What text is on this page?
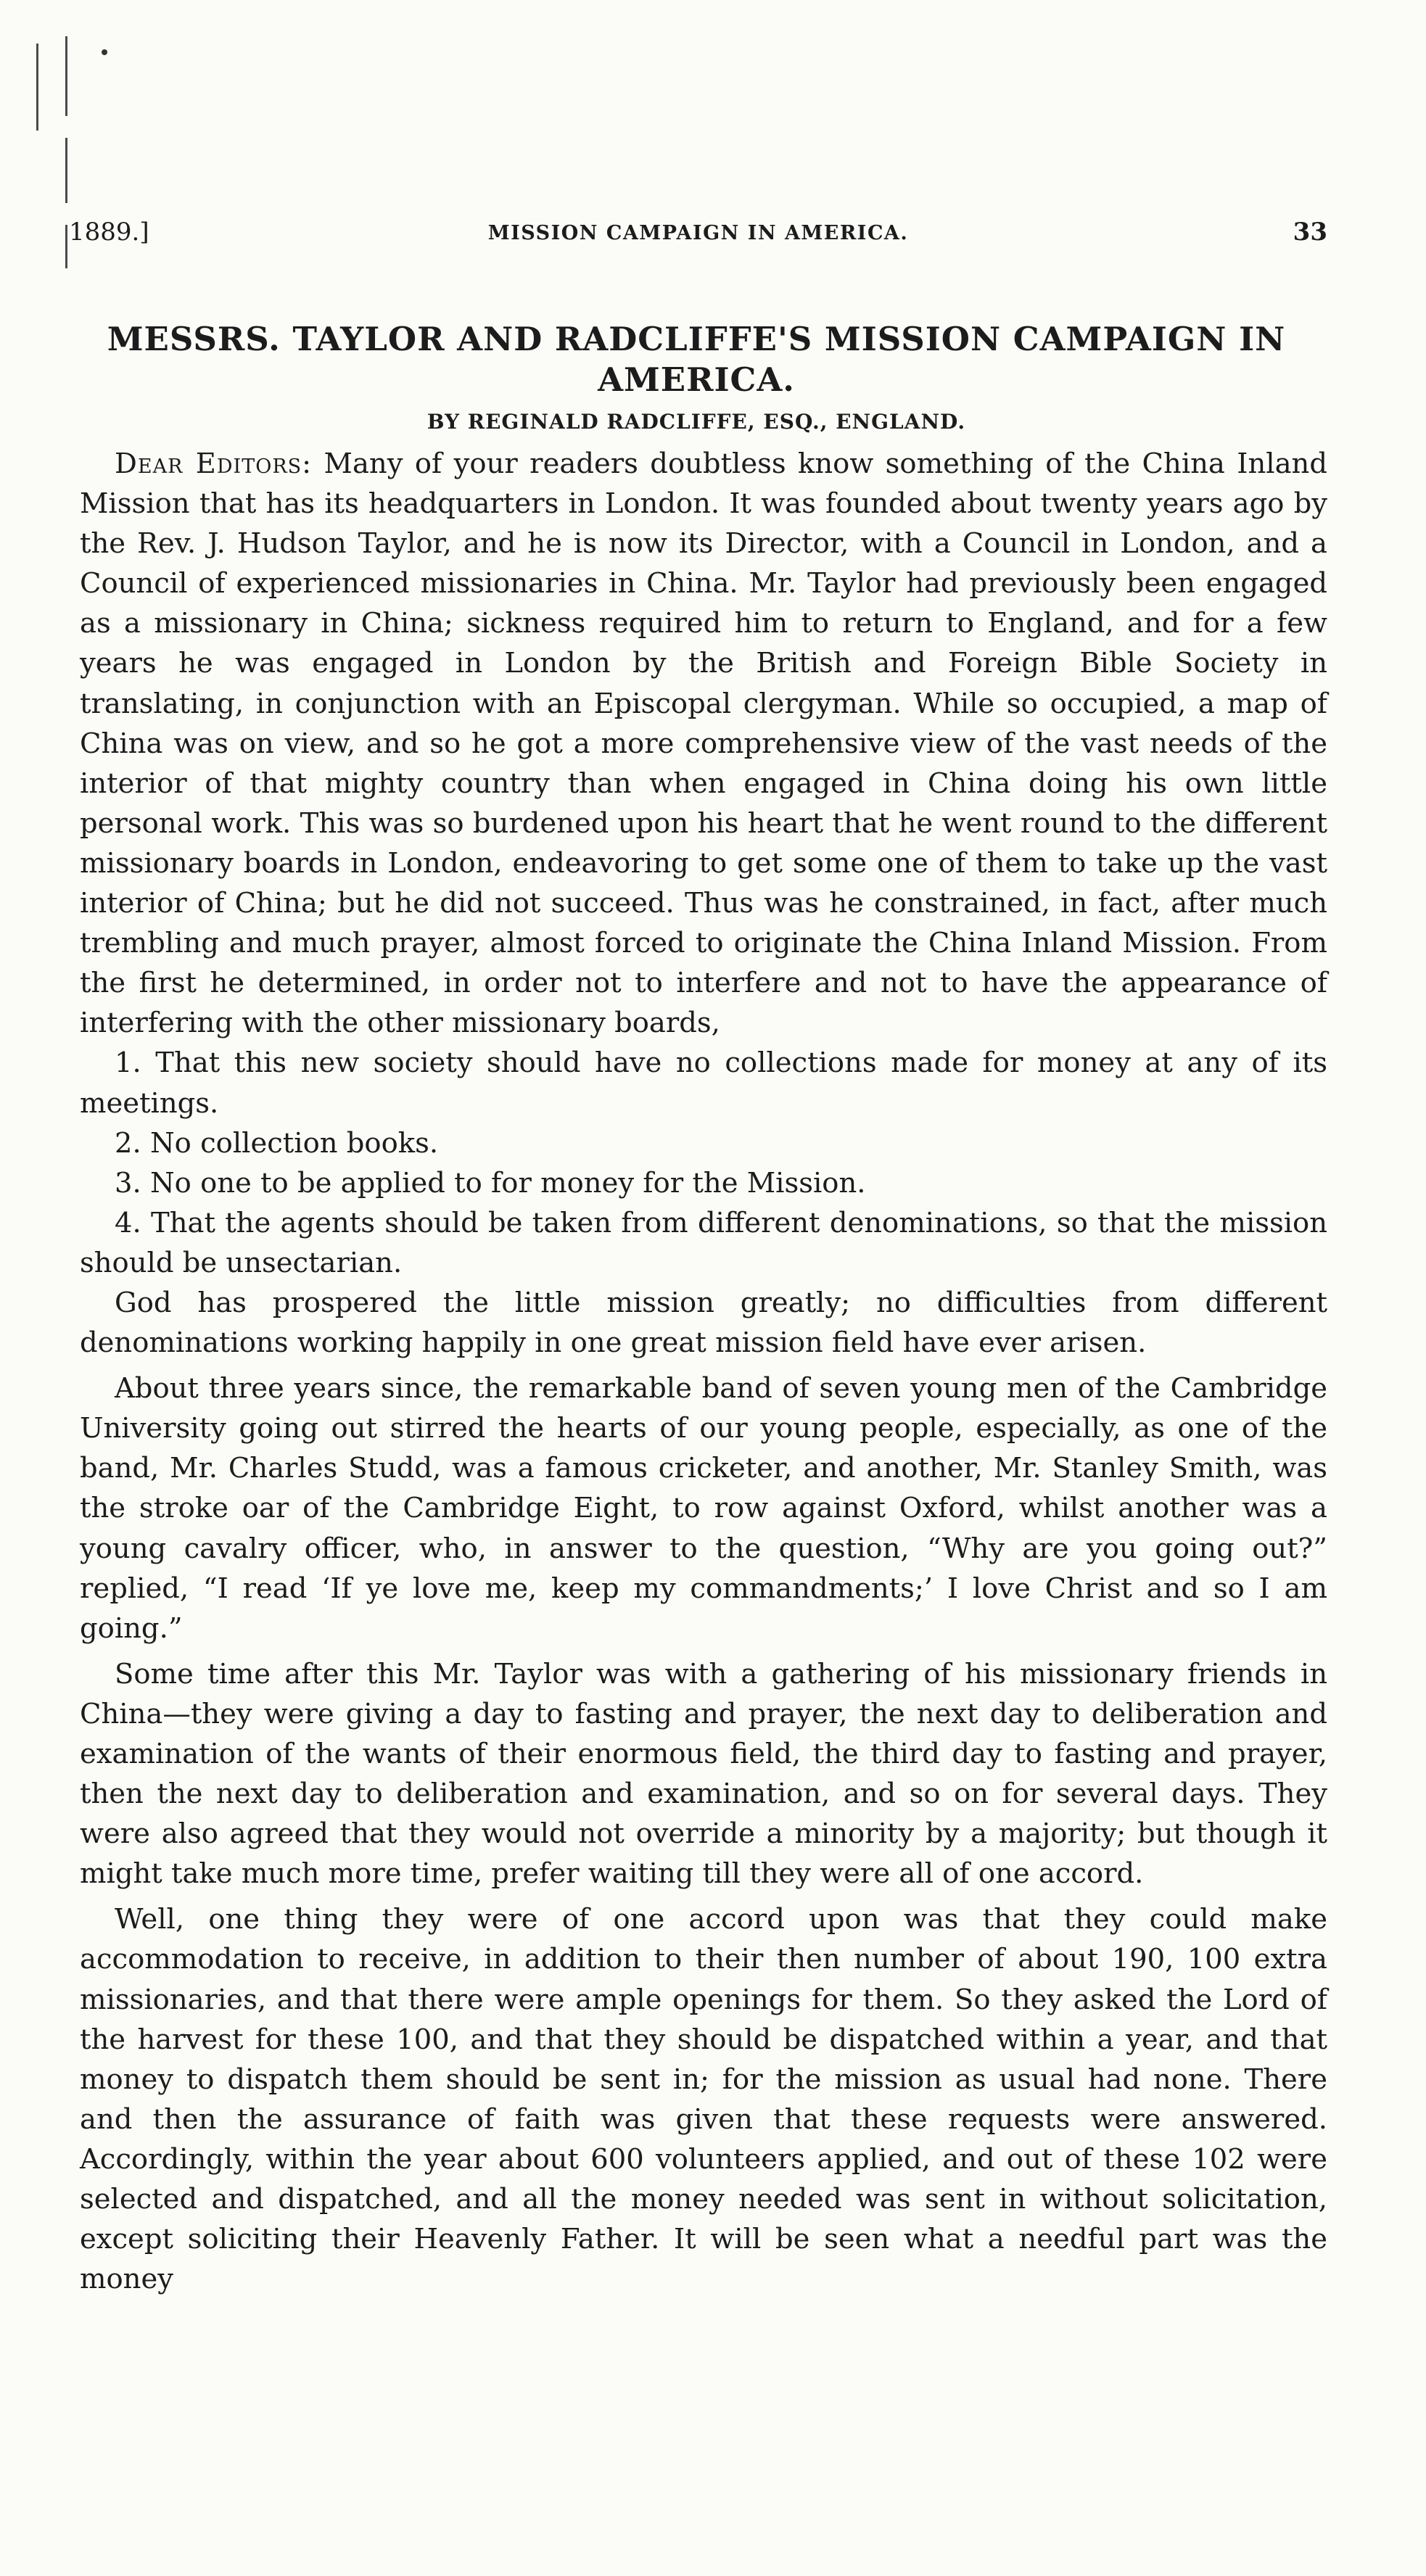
1889.]	MISSION CAMPAIGN IN AMERICA.	33
MESSRS. TAYLOR AND RADCLIFFE'S MISSION CAMPAIGN IN AMERICA.
BY REGINALD RADCLIFFE, ESQ., ENGLAND.

Dear Editors: Many of your readers doubtless know something of the China Inland Mission that has its headquarters in London. It was founded about twenty years ago by the Rev. J. Hudson Taylor, and he is now its Director, with a Council in London, and a Council of experienced missionaries in China. Mr. Taylor had previously been engaged as a missionary in China; sickness required him to return to England, and for a few years he was engaged in London by the British and Foreign Bible Society in translating, in conjunction with an Episcopal clergyman. While so occupied, a map of China was on view, and so he got a more comprehensive view of the vast needs of the interior of that mighty country than when engaged in China doing his own little personal work. This was so burdened upon his heart that he went round to the different missionary boards in London, endeavoring to get some one of them to take up the vast interior of China; but he did not succeed. Thus was he constrained, in fact, after much trembling and much prayer, almost forced to originate the China Inland Mission. From the first he determined, in order not to interfere and not to have the appearance of interfering with the other missionary boards,

1. That this new society should have no collections made for money at any of its meetings.

2. No collection books.

3. No one to be applied to for money for the Mission.

4. That the agents should be taken from different denominations, so that the mission should be unsectarian.

God has prospered the little mission greatly; no difficulties from different denominations working happily in one great mission field have ever arisen.

About three years since, the remarkable band of seven young men of the Cambridge University going out stirred the hearts of our young people, especially, as one of the band, Mr. Charles Studd, was a famous cricketer, and another, Mr. Stanley Smith, was the stroke oar of the Cambridge Eight, to row against Oxford, whilst another was a young cavalry officer, who, in answer to the question, “Why are you going out?” replied, “I read ‘If ye love me, keep my commandments;’ I love Christ and so I am going.”

Some time after this Mr. Taylor was with a gathering of his missionary friends in China—they were giving a day to fasting and prayer, the next day to deliberation and examination of the wants of their enormous field, the third day to fasting and prayer, then the next day to deliberation and examination, and so on for several days. They were also agreed that they would not override a minority by a majority; but though it might take much more time, prefer waiting till they were all of one accord.

Well, one thing they were of one accord upon was that they could make accommodation to receive, in addition to their then number of about 190, 100 extra missionaries, and that there were ample openings for them. So they asked the Lord of the harvest for these 100, and that they should be dispatched within a year, and that money to dispatch them should be sent in; for the mission as usual had none. There and then the assurance of faith was given that these requests were answered. Accordingly, within the year about 600 volunteers applied, and out of these 102 were selected and dispatched, and all the money needed was sent in without solicitation, except soliciting their Heavenly Father. It will be seen what a needful part was the money
